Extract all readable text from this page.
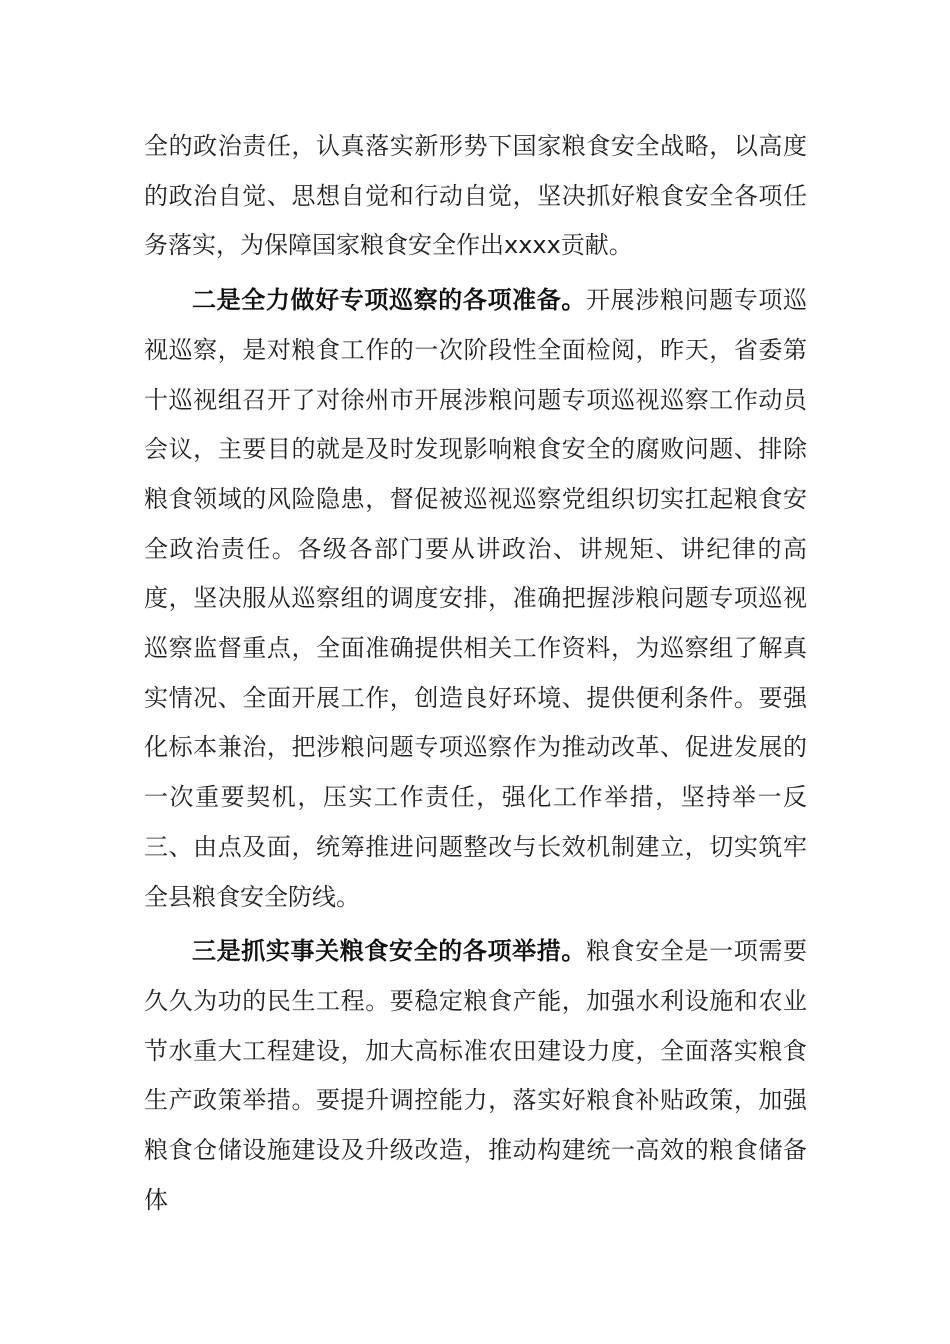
全的政治责任，认真落实新形势下国家粮食安全战略，以高度的政治自觉、思想自觉和行动自觉，坚决抓好粮食安全各项任务落实，为保障国家粮食安全作出xxxx贡献。

二是全力做好专项巡察的各项准备。开展涉粮问题专项巡视巡察，是对粮食工作的一次阶段性全面检阅，昨天，省委第十巡视组召开了对徐州市开展涉粮问题专项巡视巡察工作动员会议，主要目的就是及时发现影响粮食安全的腐败问题、排除粮食领域的风险隐患，督促被巡视巡察党组织切实扛起粮食安全政治责任。各级各部门要从讲政治、讲规矩、讲纪律的高度，坚决服从巡察组的调度安排，准确把握涉粮问题专项巡视巡察监督重点，全面准确提供相关工作资料，为巡察组了解真实情况、全面开展工作，创造良好环境、提供便利条件。要强化标本兼治，把涉粮问题专项巡察作为推动改革、促进发展的一次重要契机，压实工作责任，强化工作举措，坚持举一反三、由点及面，统筹推进问题整改与长效机制建立，切实筑牢全县粮食安全防线。

三是抓实事关粮食安全的各项举措。粮食安全是一项需要久久为功的民生工程。要稳定粮食产能，加强水利设施和农业节水重大工程建设，加大高标准农田建设力度，全面落实粮食生产政策举措。要提升调控能力，落实好粮食补贴政策，加强粮食仓储设施建设及升级改造，推动构建统一高效的粮食储备体
